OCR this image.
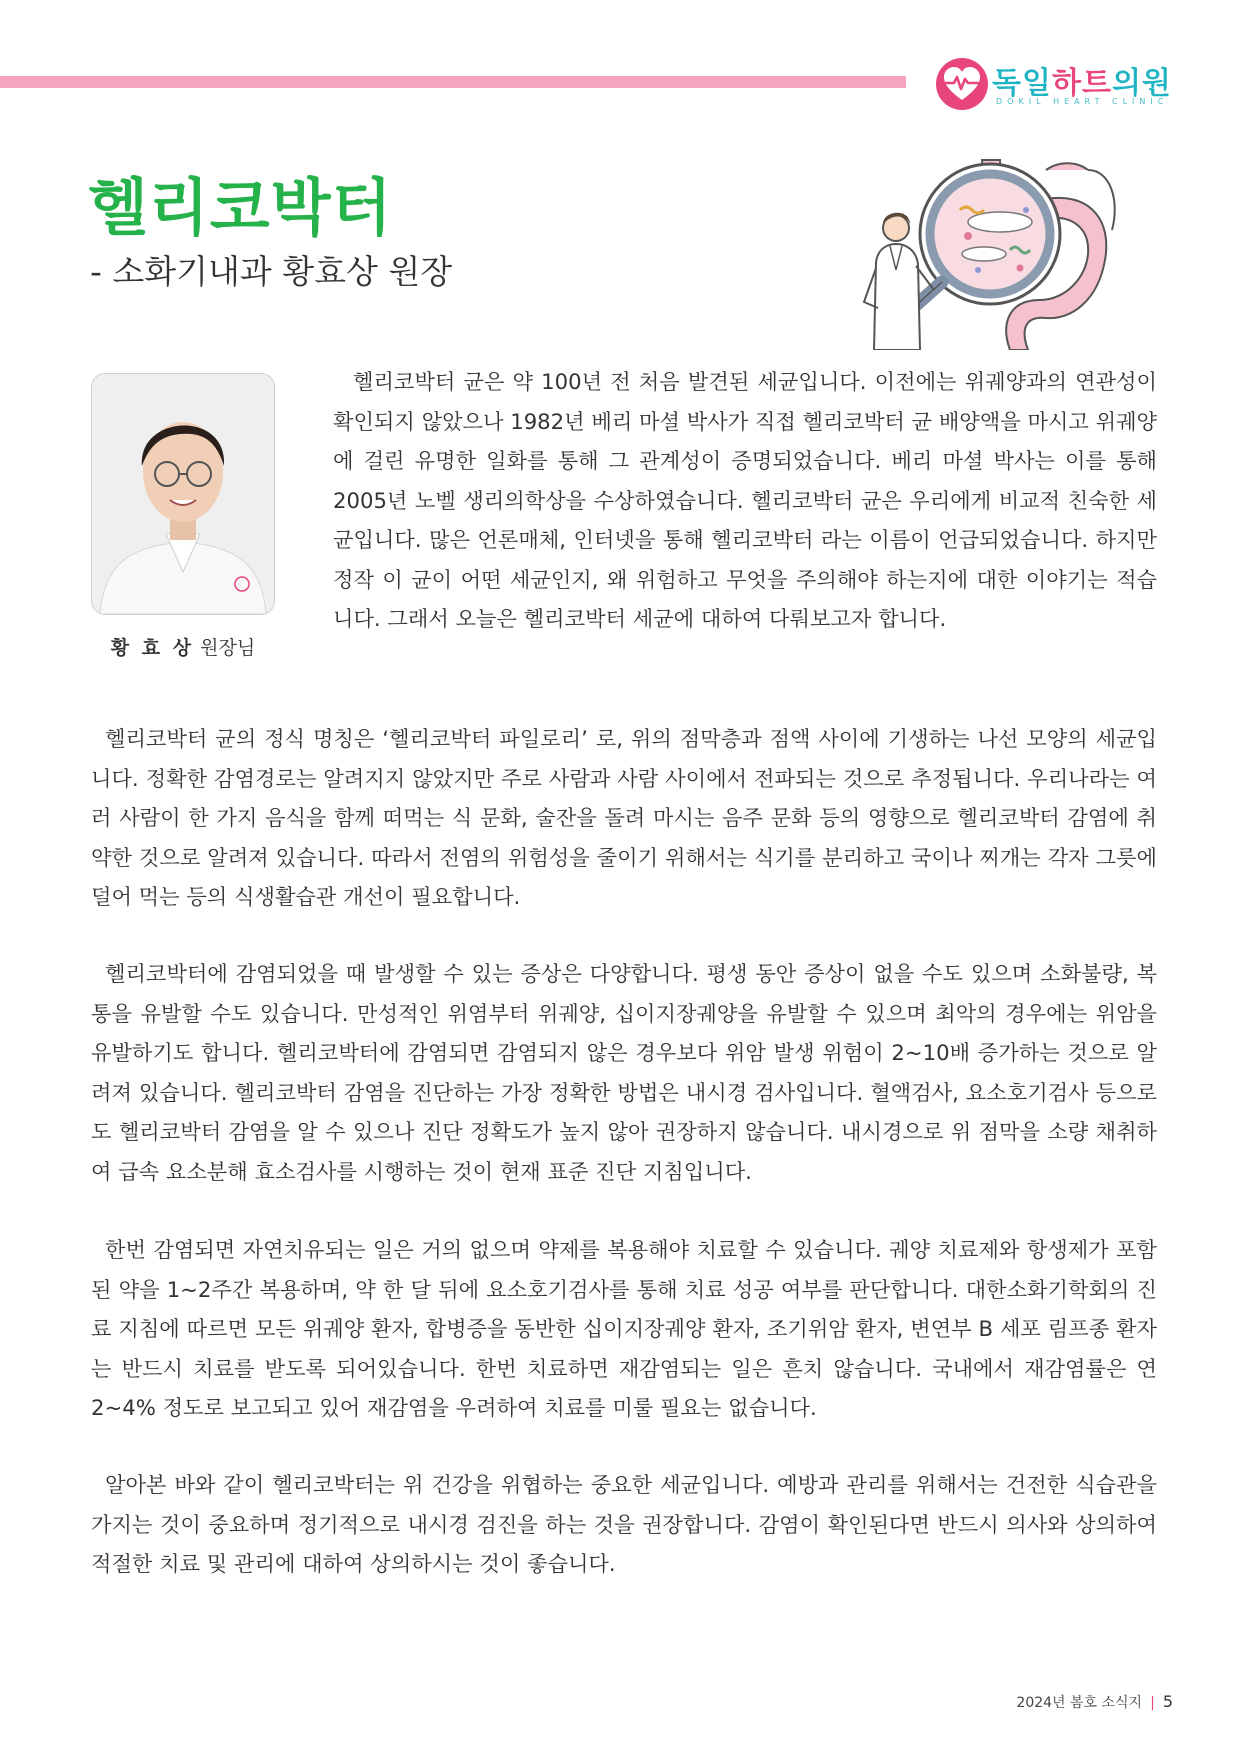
독일하트의원
DOKIL HEART CLINIC
헬리코박터
- 소화기내과 황효상 원장
황 효 상 원장님

헬리코박터 균은 약 100년 전 처음 발견된 세균입니다. 이전에는 위궤양과의 연관성이 확인되지 않았으나 1982년 베리 마셜 박사가 직접 헬리코박터 균 배양액을 마시고 위궤양에 걸린 유명한 일화를 통해 그 관계성이 증명되었습니다. 베리 마셜 박사는 이를 통해 2005년 노벨 생리의학상을 수상하였습니다. 헬리코박터 균은 우리에게 비교적 친숙한 세균입니다. 많은 언론매체, 인터넷을 통해 헬리코박터 라는 이름이 언급되었습니다. 하지만 정작 이 균이 어떤 세균인지, 왜 위험하고 무엇을 주의해야 하는지에 대한 이야기는 적습니다. 그래서 오늘은 헬리코박터 세균에 대하여 다뤄보고자 합니다.

헬리코박터 균의 정식 명칭은 ‘헬리코박터 파일로리’ 로, 위의 점막층과 점액 사이에 기생하는 나선 모양의 세균입니다. 정확한 감염경로는 알려지지 않았지만 주로 사람과 사람 사이에서 전파되는 것으로 추정됩니다. 우리나라는 여러 사람이 한 가지 음식을 함께 떠먹는 식 문화, 술잔을 돌려 마시는 음주 문화 등의 영향으로 헬리코박터 감염에 취약한 것으로 알려져 있습니다. 따라서 전염의 위험성을 줄이기 위해서는 식기를 분리하고 국이나 찌개는 각자 그릇에 덜어 먹는 등의 식생활습관 개선이 필요합니다.

헬리코박터에 감염되었을 때 발생할 수 있는 증상은 다양합니다. 평생 동안 증상이 없을 수도 있으며 소화불량, 복통을 유발할 수도 있습니다. 만성적인 위염부터 위궤양, 십이지장궤양을 유발할 수 있으며 최악의 경우에는 위암을 유발하기도 합니다. 헬리코박터에 감염되면 감염되지 않은 경우보다 위암 발생 위험이 2~10배 증가하는 것으로 알려져 있습니다. 헬리코박터 감염을 진단하는 가장 정확한 방법은 내시경 검사입니다. 혈액검사, 요소호기검사 등으로도 헬리코박터 감염을 알 수 있으나 진단 정확도가 높지 않아 권장하지 않습니다. 내시경으로 위 점막을 소량 채취하여 급속 요소분해 효소검사를 시행하는 것이 현재 표준 진단 지침입니다.

한번 감염되면 자연치유되는 일은 거의 없으며 약제를 복용해야 치료할 수 있습니다. 궤양 치료제와 항생제가 포함된 약을 1~2주간 복용하며, 약 한 달 뒤에 요소호기검사를 통해 치료 성공 여부를 판단합니다. 대한소화기학회의 진료 지침에 따르면 모든 위궤양 환자, 합병증을 동반한 십이지장궤양 환자, 조기위암 환자, 변연부 B 세포 림프종 환자는 반드시 치료를 받도록 되어있습니다. 한번 치료하면 재감염되는 일은 흔치 않습니다. 국내에서 재감염률은 연 2~4% 정도로 보고되고 있어 재감염을 우려하여 치료를 미룰 필요는 없습니다.

알아본 바와 같이 헬리코박터는 위 건강을 위협하는 중요한 세균입니다. 예방과 관리를 위해서는 건전한 식습관을 가지는 것이 중요하며 정기적으로 내시경 검진을 하는 것을 권장합니다. 감염이 확인된다면 반드시 의사와 상의하여 적절한 치료 및 관리에 대하여 상의하시는 것이 좋습니다.

2024년 봄호 소식지 | 5
